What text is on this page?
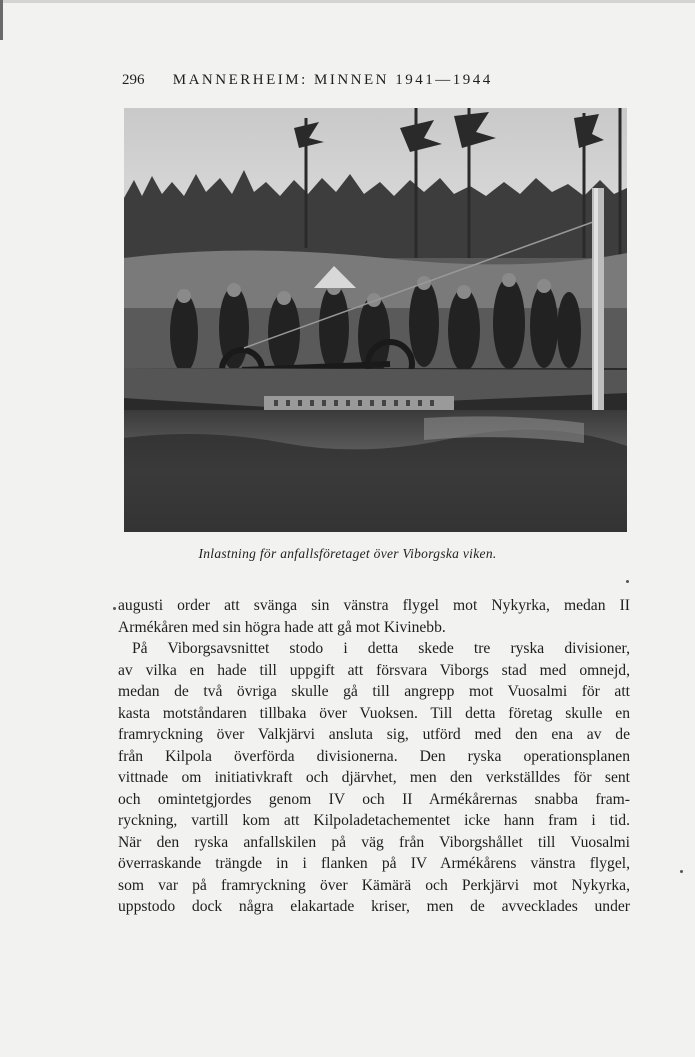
296 MANNERHEIM: MINNEN 1941—1944
Inlastning för anfallsföretaget över Viborgska viken.
augusti order att svänga sin vänstra flygel mot Nykyrka, medan II
Armékåren med sin högra hade att gå mot Kivinebb.
På Viborgsavsnittet stodo i detta skede tre ryska divisioner,
av vilka en hade till uppgift att försvara Viborgs stad med omnejd,
medan de två övriga skulle gå till angrepp mot Vuosalmi för att
kasta motståndaren tillbaka över Vuoksen. Till detta företag skulle en
framryckning över Valkjärvi ansluta sig, utförd med den ena av de
från Kilpola överförda divisionerna. Den ryska operationsplanen
vittnade om initiativkraft och djärvhet, men den verkställdes för sent
och omintetgjordes genom IV och II Armékårernas snabba fram-
ryckning, vartill kom att Kilpoladetachementet icke hann fram i tid.
När den ryska anfallskilen på väg från Viborgshållet till Vuosalmi
överraskande trängde in i flanken på IV Armékårens vänstra flygel,
som var på framryckning över Kämärä och Perkjärvi mot Nykyrka,
uppstodo dock några elakartade kriser, men de avvecklades under
